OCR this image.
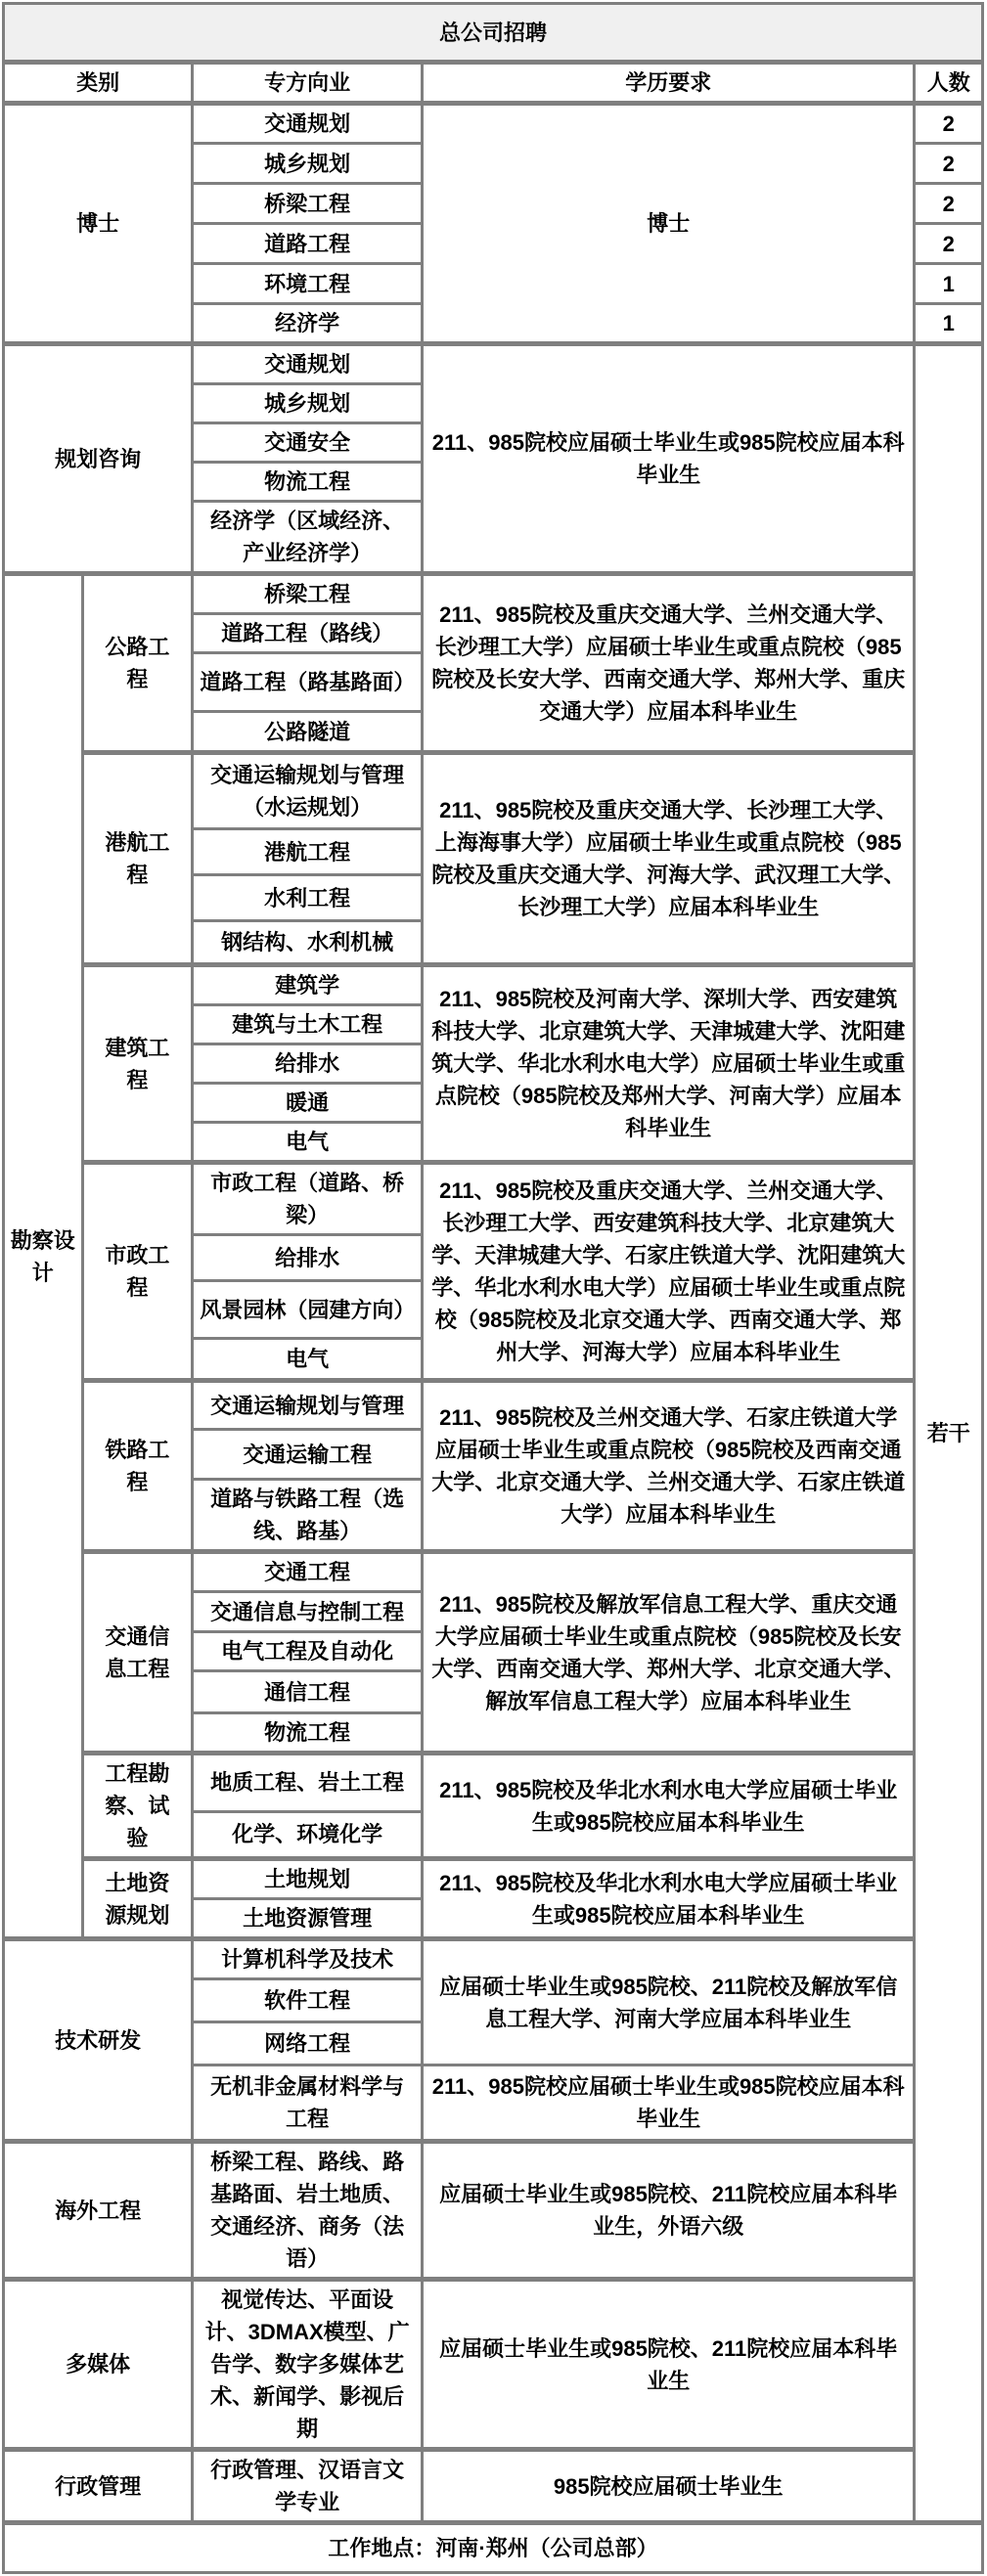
总公司招聘				
类别		专方向业	学历要求	人数
博士		交通规划	博士	2
		城乡规划		2
		桥梁工程		2
		道路工程		2
		环境工程		1
		经济学		1
规划咨询		交通规划	211、985院校应届硕士毕业生或985院校应届本科毕业生	若干
		城乡规划		
		交通安全		
		物流工程		
		经济学（区域经济、产业经济学）		
勘察设计	公路工程	桥梁工程	211、985院校及重庆交通大学、兰州交通大学、长沙理工大学）应届硕士毕业生或重点院校（985院校及长安大学、西南交通大学、郑州大学、重庆交通大学）应届本科毕业生	
		道路工程（路线）		
		道路工程（路基路面）		
		公路隧道		
	港航工程	交通运输规划与管理（水运规划）	211、985院校及重庆交通大学、长沙理工大学、上海海事大学）应届硕士毕业生或重点院校（985院校及重庆交通大学、河海大学、武汉理工大学、长沙理工大学）应届本科毕业生	
		港航工程		
		水利工程		
		钢结构、水利机械		
	建筑工程	建筑学	211、985院校及河南大学、深圳大学、西安建筑科技大学、北京建筑大学、天津城建大学、沈阳建筑大学、华北水利水电大学）应届硕士毕业生或重点院校（985院校及郑州大学、河南大学）应届本科毕业生	
		建筑与土木工程		
		给排水		
		暖通		
		电气		
	市政工程	市政工程（道路、桥梁）	211、985院校及重庆交通大学、兰州交通大学、长沙理工大学、西安建筑科技大学、北京建筑大学、天津城建大学、石家庄铁道大学、沈阳建筑大学、华北水利水电大学）应届硕士毕业生或重点院校（985院校及北京交通大学、西南交通大学、郑州大学、河海大学）应届本科毕业生	
		给排水		
		风景园林（园建方向）		
		电气		
	铁路工程	交通运输规划与管理	211、985院校及兰州交通大学、石家庄铁道大学应届硕士毕业生或重点院校（985院校及西南交通大学、北京交通大学、兰州交通大学、石家庄铁道大学）应届本科毕业生	
		交通运输工程		
		道路与铁路工程（选线、路基）		
	交通信息工程	交通工程	211、985院校及解放军信息工程大学、重庆交通大学应届硕士毕业生或重点院校（985院校及长安大学、西南交通大学、郑州大学、北京交通大学、解放军信息工程大学）应届本科毕业生	
		交通信息与控制工程		
		电气工程及自动化		
		通信工程		
		物流工程		
	工程勘察、试验	地质工程、岩土工程	211、985院校及华北水利水电大学应届硕士毕业生或985院校应届本科毕业生	
		化学、环境化学		
	土地资源规划	土地规划	211、985院校及华北水利水电大学应届硕士毕业生或985院校应届本科毕业生	
		土地资源管理		
技术研发		计算机科学及技术	应届硕士毕业生或985院校、211院校及解放军信息工程大学、河南大学应届本科毕业生	
		软件工程		
		网络工程		
		无机非金属材料学与工程	211、985院校应届硕士毕业生或985院校应届本科毕业生	
海外工程		桥梁工程、路线、路基路面、岩土地质、交通经济、商务（法语）	应届硕士毕业生或985院校、211院校应届本科毕业生，外语六级	
多媒体		视觉传达、平面设计、3DMAX模型、广告学、数字多媒体艺术、新闻学、影视后期	应届硕士毕业生或985院校、211院校应届本科毕业生	
行政管理		行政管理、汉语言文学专业	985院校应届硕士毕业生	
工作地点：河南·郑州（公司总部）				
